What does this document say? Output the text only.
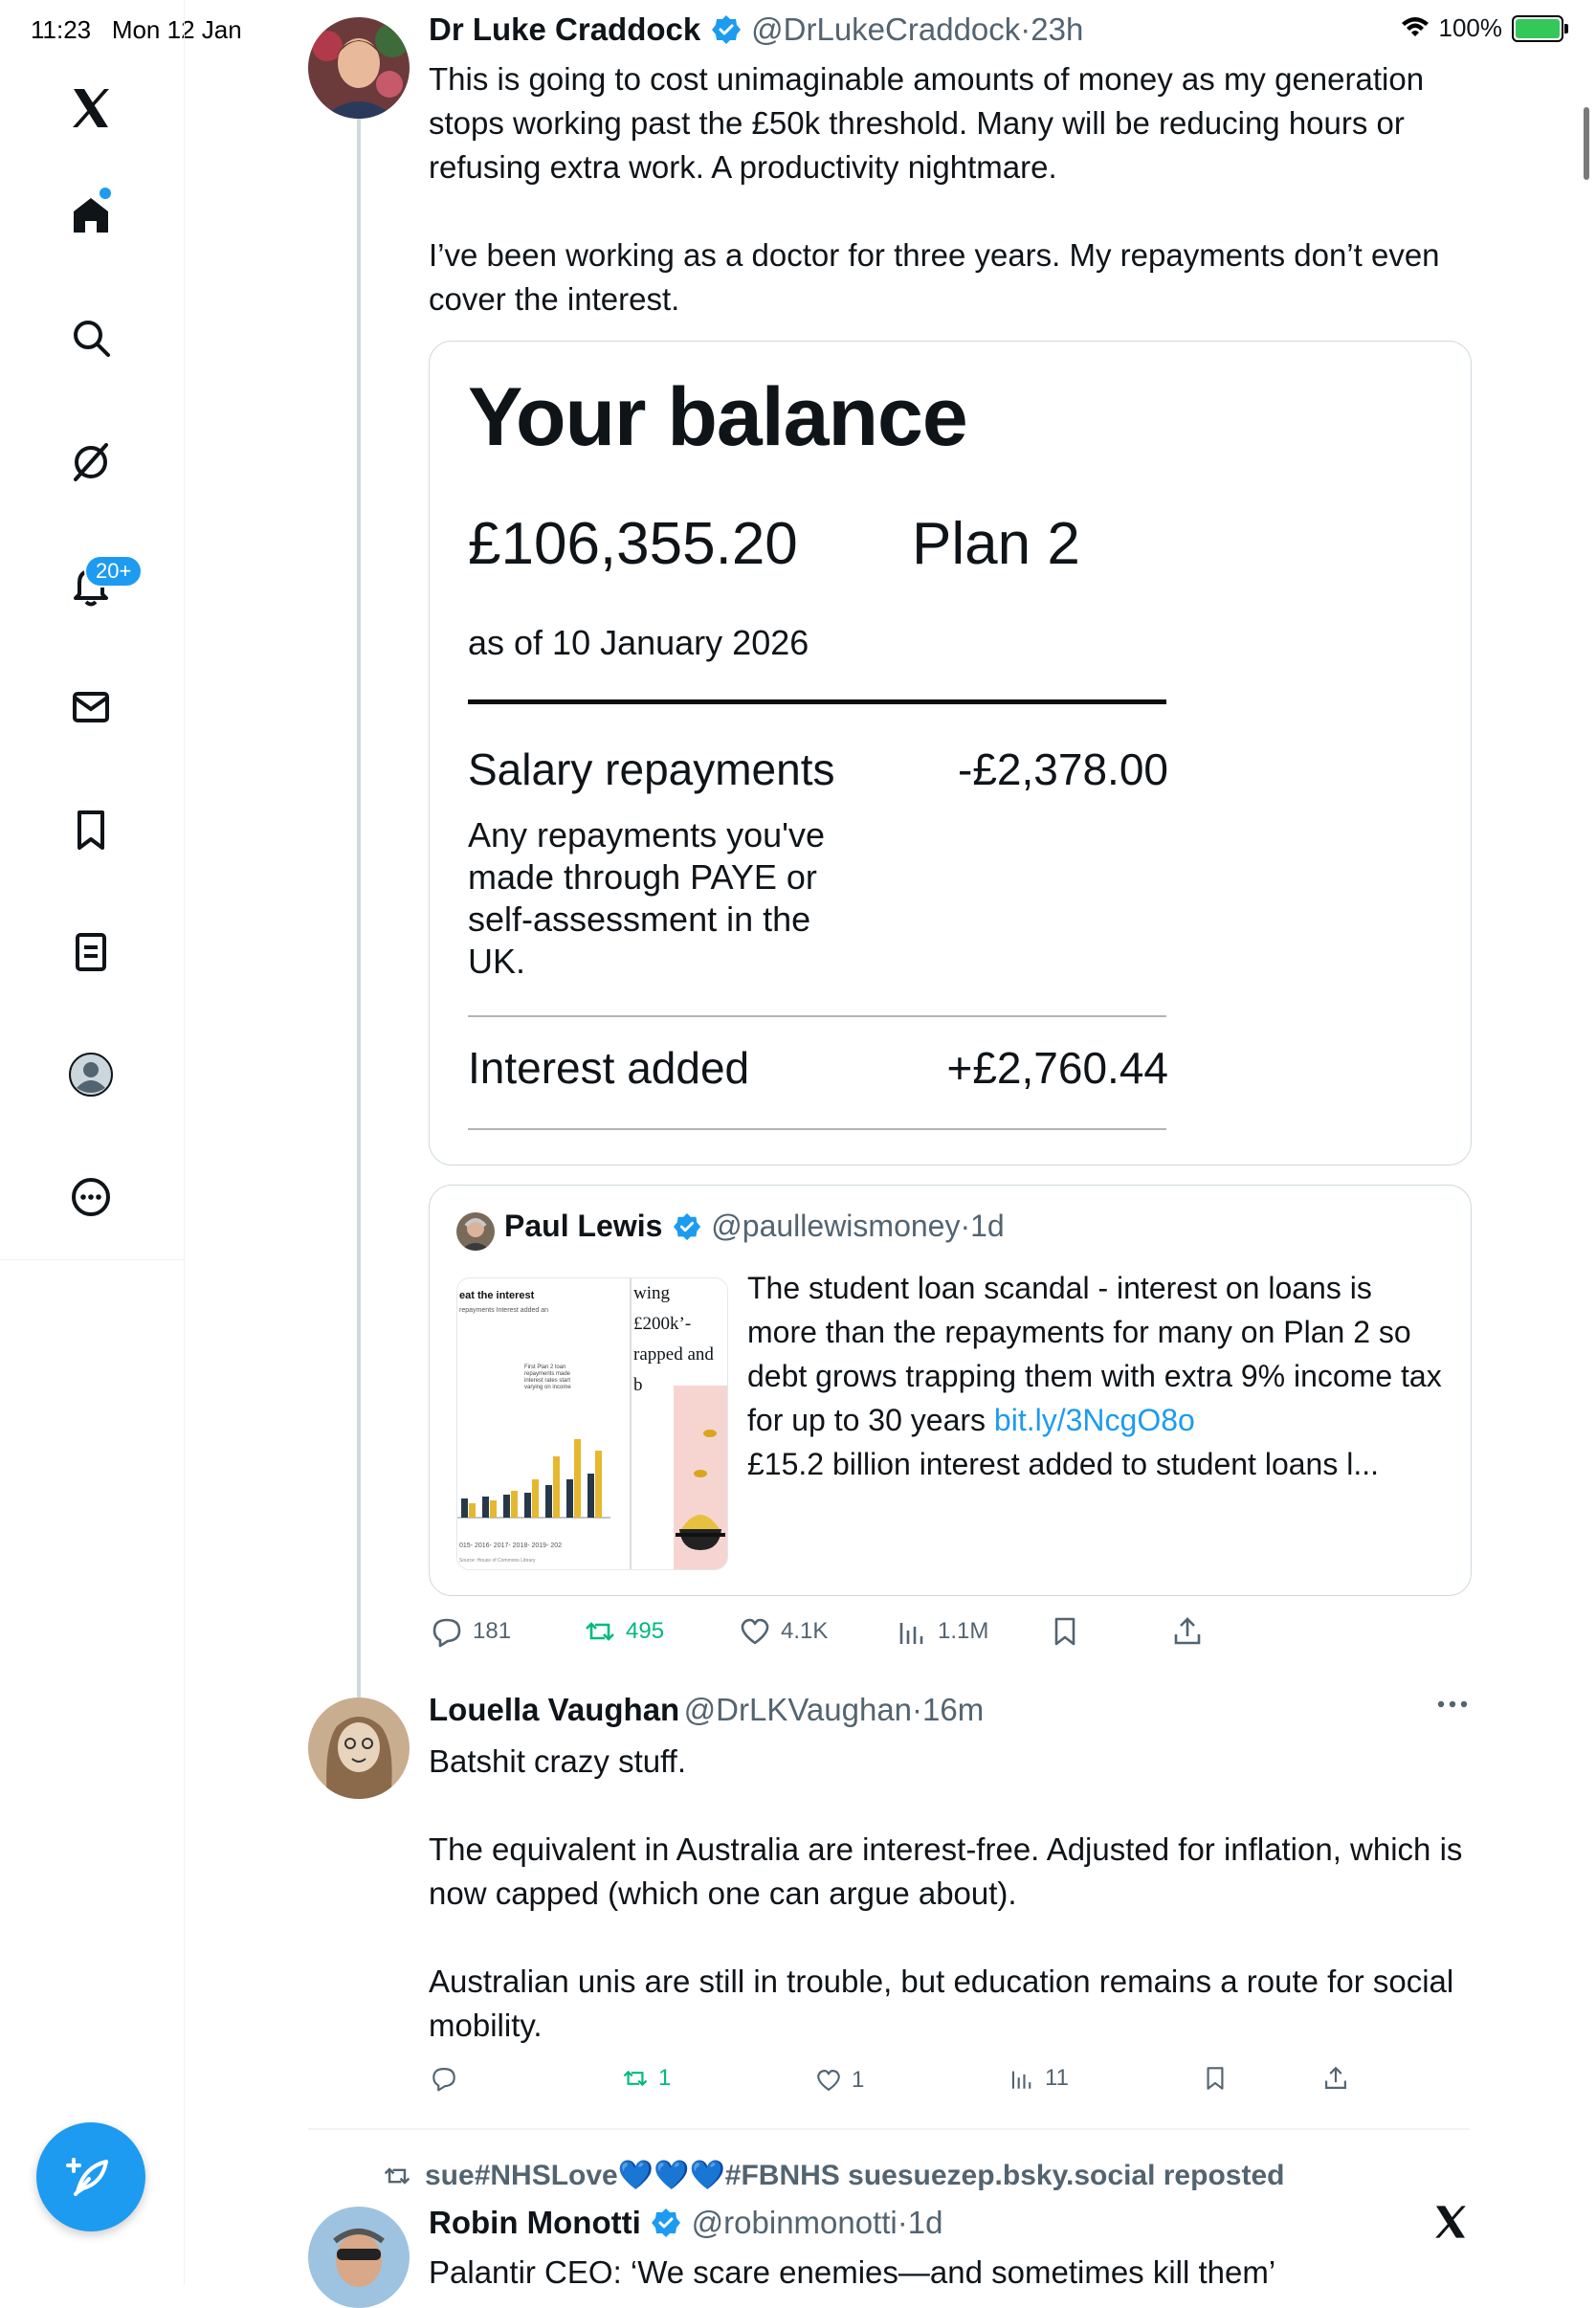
11:23 Mon 12 Jan	100%
20+
Dr Luke Craddock @DrLukeCraddock·23h
This is going to cost unimaginable amounts of money as my generation stops working past the £50k threshold. Many will be reducing hours or refusing extra work. A productivity nightmare.

I’ve been working as a doctor for three years. My repayments don’t even cover the interest.
Your balance
£106,355.20 Plan 2
as of 10 January 2026
Salary repayments	-£2,378.00
Any repayments you've made through PAYE or self-assessment in the UK.
Interest added	+£2,760.44
Paul Lewis @paullewismoney·1d
eat the interest
repayments Interest added an
First Plan 2 loan repayments made interest rates start varying on income
015- 2016- 2017- 2018- 2019- 202
Source: House of Commons Library
wing £200k’- rapped and b
The student loan scandal - interest on loans is more than the repayments for many on Plan 2 so debt grows trapping them with extra 9% income tax for up to 30 years bit.ly/3NcgO8o
£15.2 billion interest added to student loans l...
181	495	4.1K	1.1M
Louella Vaughan @DrLKVaughan·16m
Batshit crazy stuff.

The equivalent in Australia are interest-free. Adjusted for inflation, which is now capped (which one can argue about).

Australian unis are still in trouble, but education remains a route for social mobility.
1	1	11
sue#NHSLove💙💙💙#FBNHS suesuezep.bsky.social reposted
Robin Monotti @robinmonotti·1d
Palantir CEO: ‘We scare enemies—and sometimes kill them’
